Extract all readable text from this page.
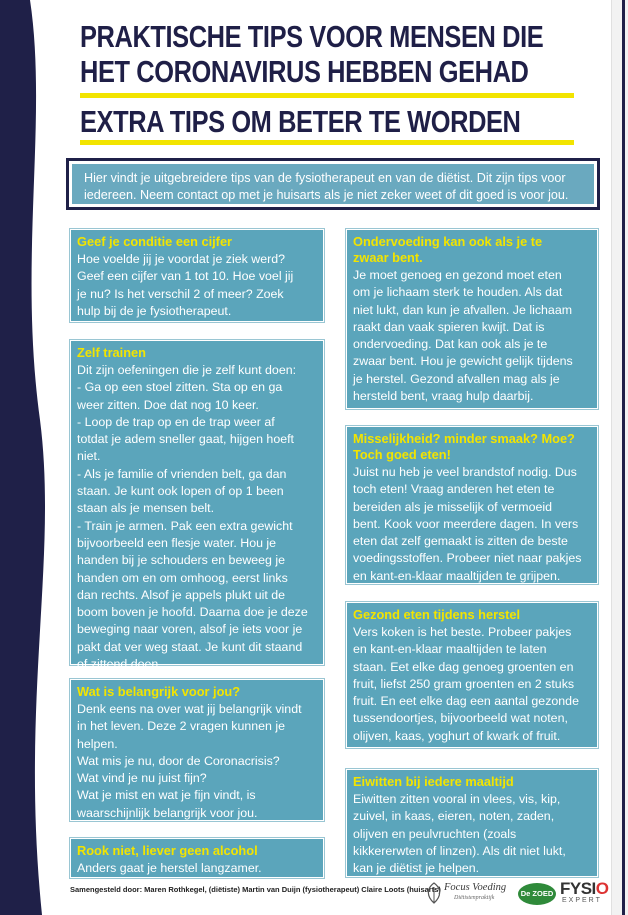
PRAKTISCHE TIPS VOOR MENSEN DIE
HET CORONAVIRUS HEBBEN GEHAD
EXTRA TIPS OM BETER TE WORDEN
Hier vindt je uitgebreidere tips van de fysiotherapeut en van de diëtist. Dit zijn tips voor iedereen. Neem contact op met je huisarts als je niet zeker weet of dit goed is voor jou.
Geef je conditie een cijfer

Hoe voelde jij je voordat je ziek werd?
Geef een cijfer van 1 tot 10. Hoe voel jij
je nu? Is het verschil 2 of meer? Zoek
hulp bij de je fysiotherapeut.

Zelf trainen

Dit zijn oefeningen die je zelf kunt doen:
- Ga op een stoel zitten. Sta op en ga
weer zitten. Doe dat nog 10 keer.
- Loop de trap op en de trap weer af
totdat je adem sneller gaat, hijgen hoeft
niet.
- Als je familie of vrienden belt, ga dan
staan. Je kunt ook lopen of op 1 been
staan als je mensen belt.
- Train je armen. Pak een extra gewicht
bijvoorbeeld een flesje water. Hou je
handen bij je schouders en beweeg je
handen om en om omhoog, eerst links
dan rechts. Alsof je appels plukt uit de
boom boven je hoofd. Daarna doe je deze
beweging naar voren, alsof je iets voor je
pakt dat ver weg staat. Je kunt dit staand
of zittend doen.

Wat is belangrijk voor jou?

Denk eens na over wat jij belangrijk vindt
in het leven. Deze 2 vragen kunnen je
helpen.
Wat mis je nu, door de Coronacrisis?
Wat vind je nu juist fijn?
Wat je mist en wat je fijn vindt, is
waarschijnlijk belangrijk voor jou.

Rook niet, liever geen alcohol

Anders gaat je herstel langzamer.

Ondervoeding kan ook als je te
zwaar bent.

Je moet genoeg en gezond moet eten
om je lichaam sterk te houden. Als dat
niet lukt, dan kun je afvallen. Je lichaam
raakt dan vaak spieren kwijt. Dat is
ondervoeding. Dat kan ook als je te
zwaar bent. Hou je gewicht gelijk tijdens
je herstel. Gezond afvallen mag als je
hersteld bent, vraag hulp daarbij.

Misselijkheid? minder smaak? Moe?
Toch goed eten!

Juist nu heb je veel brandstof nodig. Dus
toch eten! Vraag anderen het eten te
bereiden als je misselijk of vermoeid
bent. Kook voor meerdere dagen. In vers
eten dat zelf gemaakt is zitten de beste
voedingsstoffen. Probeer niet naar pakjes
en kant-en-klaar maaltijden te grijpen.

Gezond eten tijdens herstel

Vers koken is het beste. Probeer pakjes
en kant-en-klaar maaltijden te laten
staan. Eet elke dag genoeg groenten en
fruit, liefst 250 gram groenten en 2 stuks
fruit. En eet elke dag een aantal gezonde
tussendoortjes, bijvoorbeeld wat noten,
olijven, kaas, yoghurt of kwark of fruit.

Eiwitten bij iedere maaltijd

Eiwitten zitten vooral in vlees, vis, kip,
zuivel, in kaas, eieren, noten, zaden,
olijven en peulvruchten (zoals
kikkererwten of linzen). Als dit niet lukt,
kan je diëtist je helpen.

Samengesteld door: Maren Rothkegel, (diëtiste) Martin van Duijn (fysiotherapeut) Claire Loots (huisarts) Focus Voeding
Diëtistenpraktijk	De ZOED FYSIO
EXPERT
